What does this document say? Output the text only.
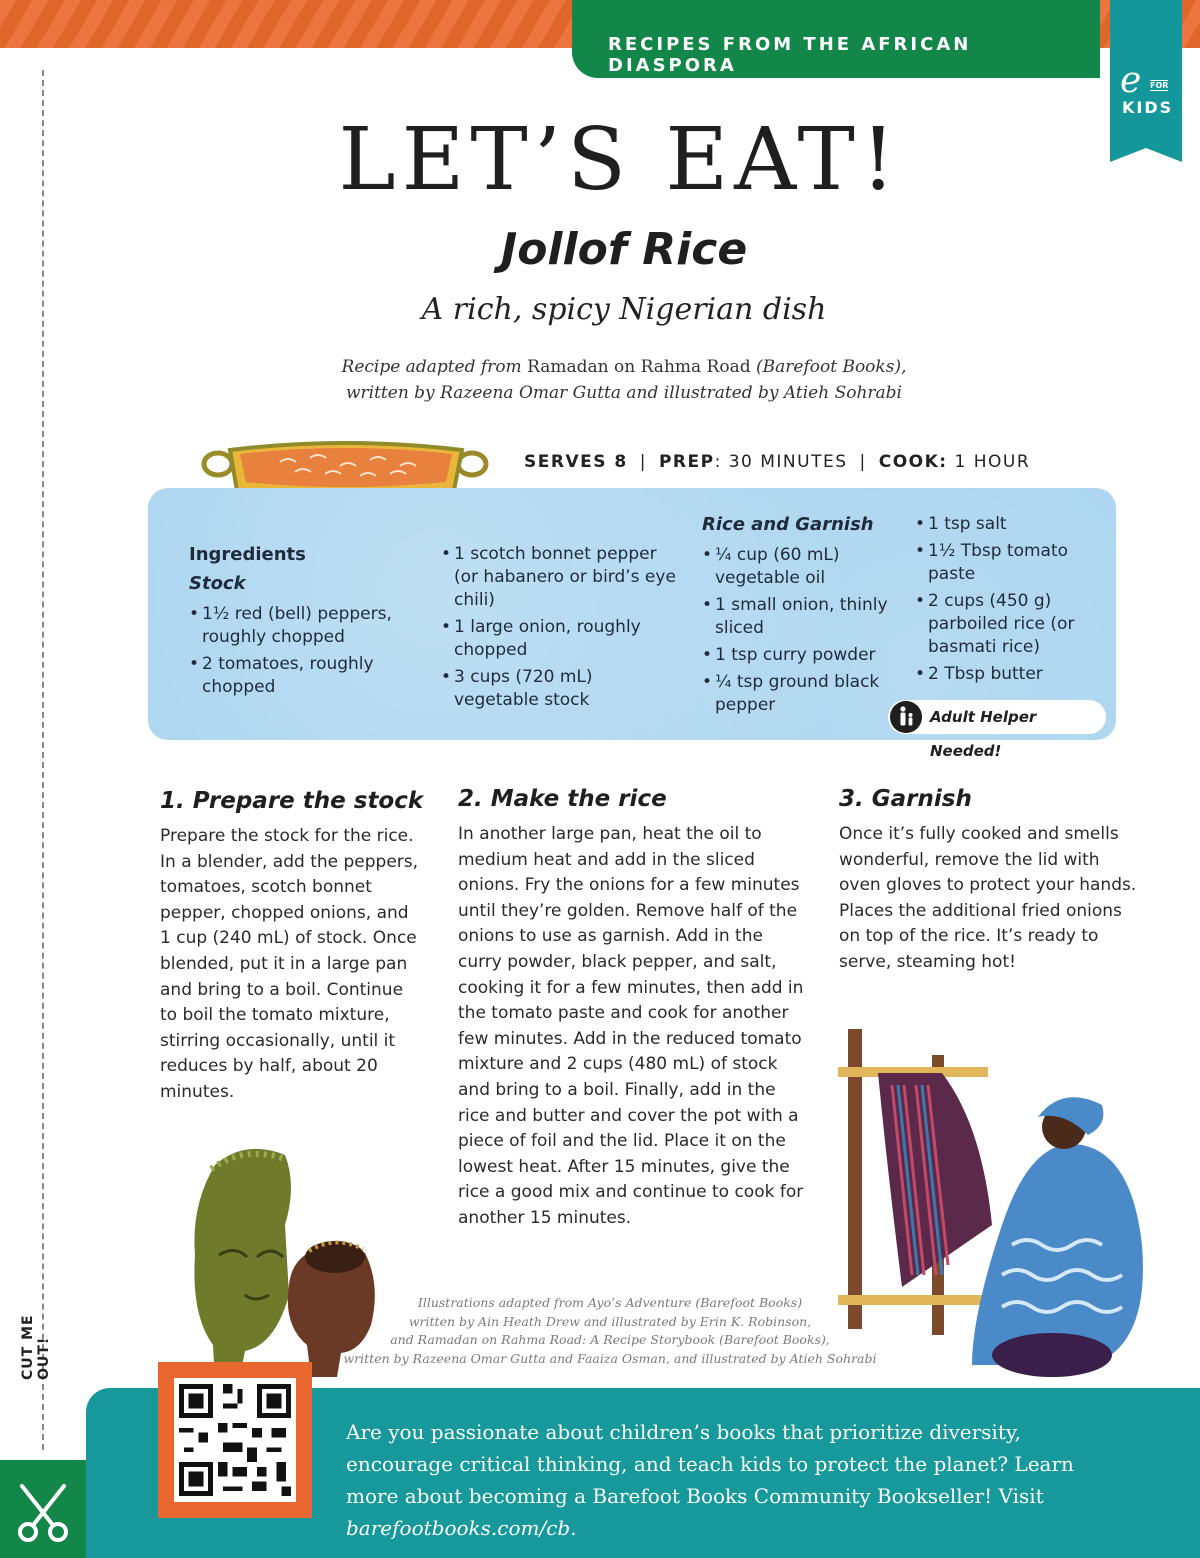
RECIPES FROM THE AFRICAN DIASPORA	e FOR
KIDS
CUT ME OUT!
LET’S EAT!
Jollof Rice
A rich, spicy Nigerian dish
Recipe adapted from Ramadan on Rahma Road (Barefoot Books),
written by Razeena Omar Gutta and illustrated by Atieh Sohrabi
SERVES 8 | PREP: 30 MINUTES | COOK: 1 HOUR
Ingredients
Stock
• 1½ red (bell) peppers, roughly chopped
• 2 tomatoes, roughly chopped
• 1 scotch bonnet pepper (or habanero or bird’s eye chili)
• 1 large onion, roughly chopped
• 3 cups (720 mL) vegetable stock
Rice and Garnish
• ¼ cup (60 mL) vegetable oil
• 1 small onion, thinly sliced
• 1 tsp curry powder
• ¼ tsp ground black pepper
• 1 tsp salt
• 1½ Tbsp tomato paste
• 2 cups (450 g) parboiled rice (or basmati rice)
• 2 Tbsp butter
Adult Helper Needed!
1. Prepare the stock
Prepare the stock for the rice. In a blender, add the peppers, tomatoes, scotch bonnet pepper, chopped onions, and 1 cup (240 mL) of stock. Once blended, put it in a large pan and bring to a boil. Continue to boil the tomato mixture, stirring occasionally, until it reduces by half, about 20 minutes.
2. Make the rice
In another large pan, heat the oil to medium heat and add in the sliced onions. Fry the onions for a few minutes until they’re golden. Remove half of the onions to use as garnish. Add in the curry powder, black pepper, and salt, cooking it for a few minutes, then add in the tomato paste and cook for another few minutes. Add in the reduced tomato mixture and 2 cups (480 mL) of stock and bring to a boil. Finally, add in the rice and butter and cover the pot with a piece of foil and the lid. Place it on the lowest heat. After 15 minutes, give the rice a good mix and continue to cook for another 15 minutes.
3. Garnish
Once it’s fully cooked and smells wonderful, remove the lid with oven gloves to protect your hands. Places the additional fried onions on top of the rice. It’s ready to serve, steaming hot!
Illustrations adapted from Ayo’s Adventure (Barefoot Books)
written by Ain Heath Drew and illustrated by Erin K. Robinson,
and Ramadan on Rahma Road: A Recipe Storybook (Barefoot Books),
written by Razeena Omar Gutta and Faaiza Osman, and illustrated by Atieh Sohrabi
Are you passionate about children’s books that prioritize diversity, encourage critical thinking, and teach kids to protect the planet? Learn more about becoming a Barefoot Books Community Bookseller! Visit barefootbooks.com/cb.
